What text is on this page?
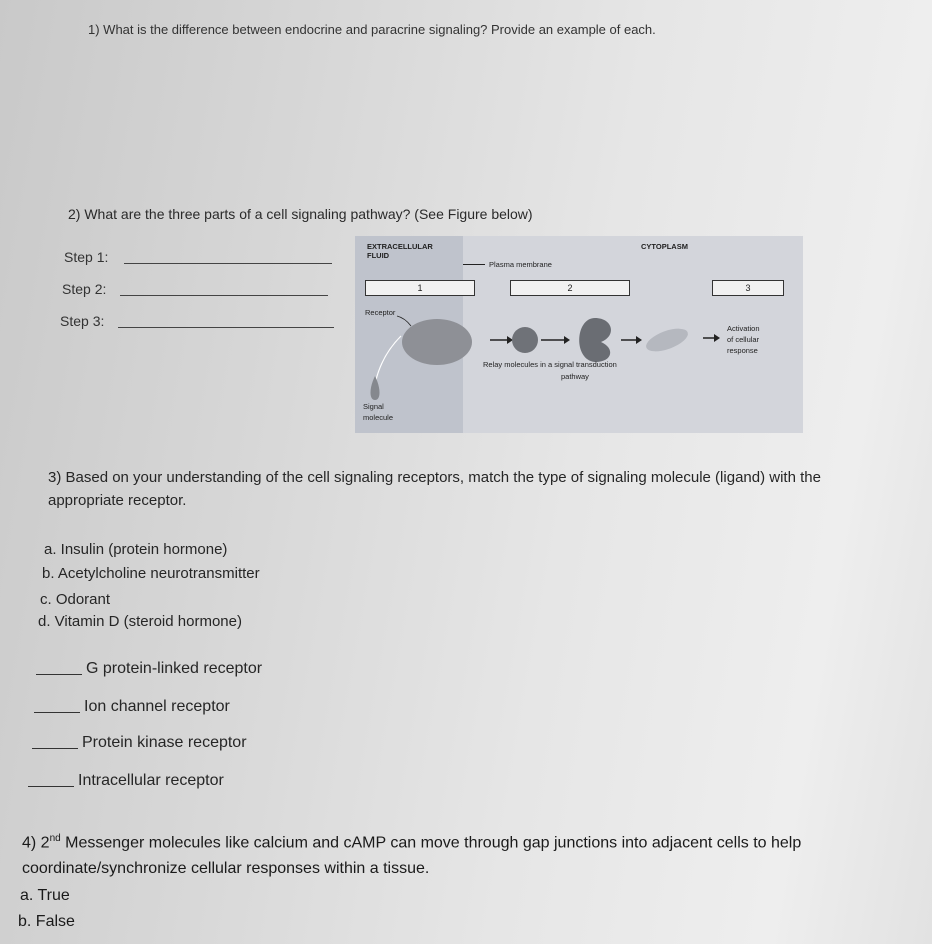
1) What is the difference between endocrine and paracrine signaling? Provide an example of each.
2) What are the three parts of a cell signaling pathway? (See Figure below)
Step 1:
Step 2:
Step 3:
EXTRACELLULAR
FLUID
CYTOPLASM
Plasma membrane
1	2	3
Receptor
Activation
of cellular
response
Relay molecules in a signal transduction
pathway
Signal
molecule
3) Based on your understanding of the cell signaling receptors, match the type of signaling molecule (ligand) with the appropriate receptor.
a. Insulin (protein hormone)
b. Acetylcholine neurotransmitter
c. Odorant
d. Vitamin D (steroid hormone)
G protein-linked receptor
Ion channel receptor
Protein kinase receptor
Intracellular receptor
4) 2nd Messenger molecules like calcium and cAMP can move through gap junctions into adjacent cells to help coordinate/synchronize cellular responses within a tissue.
a. True
b. False
